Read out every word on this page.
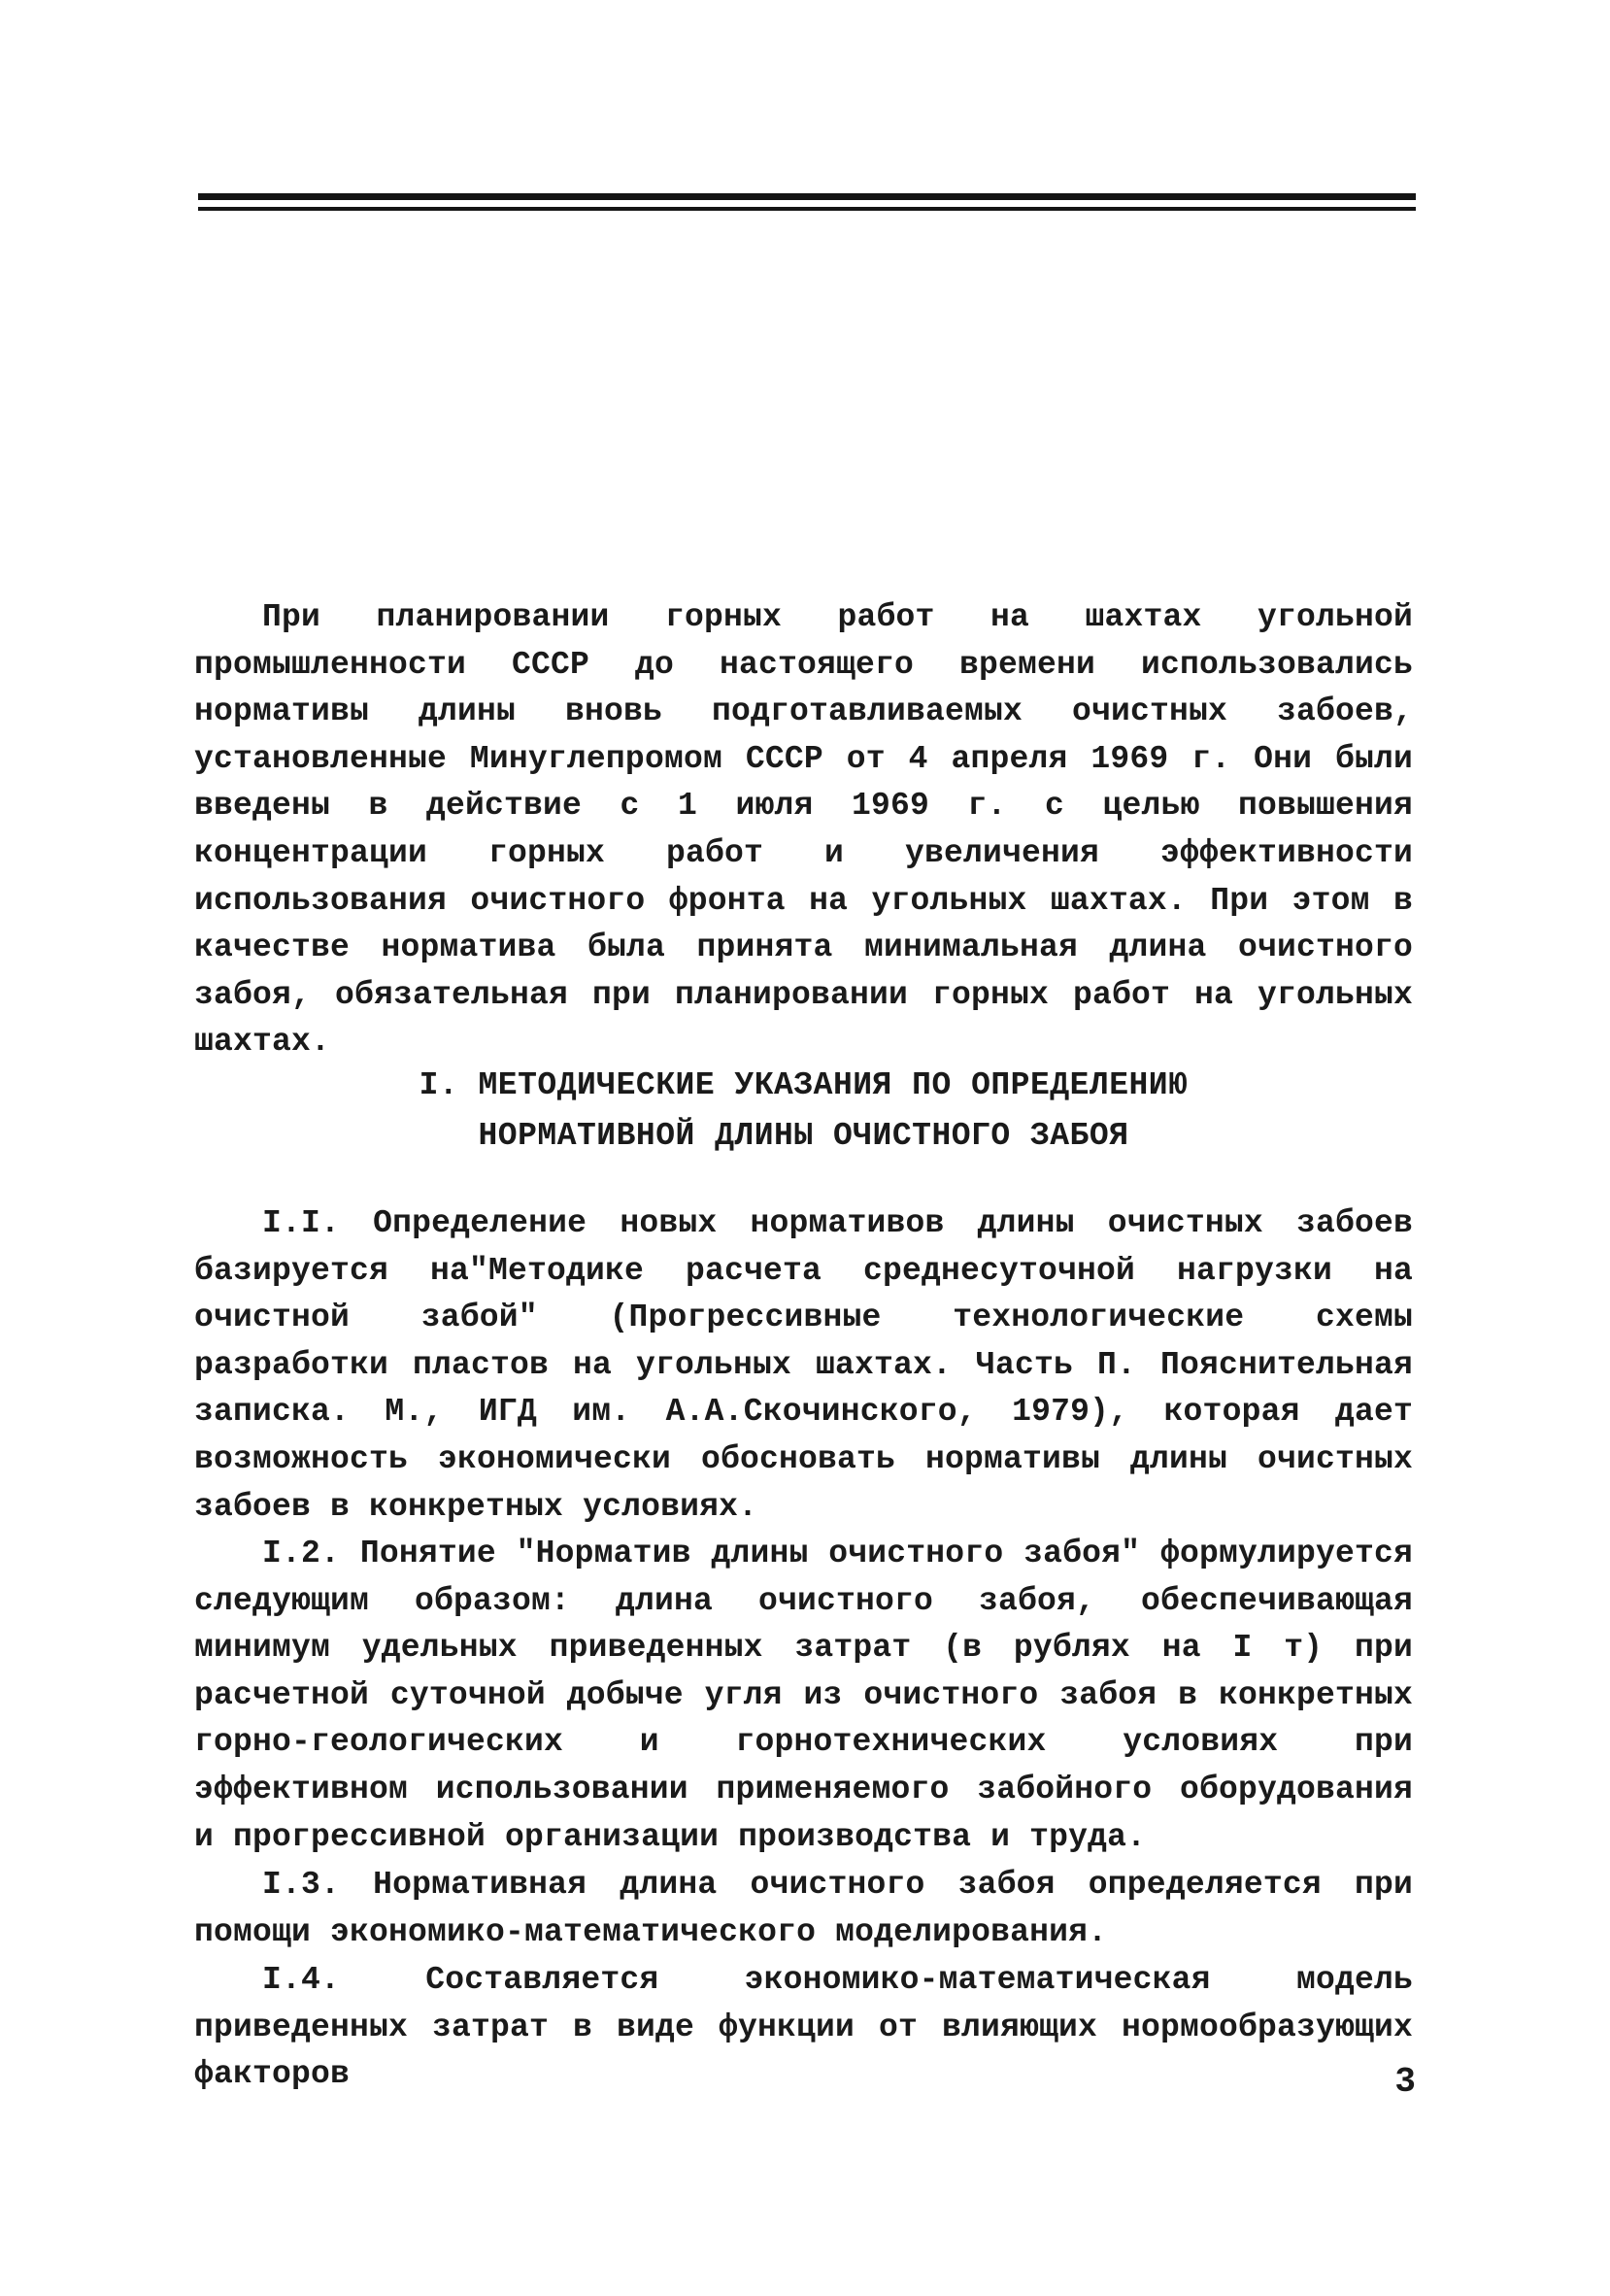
При планировании горных работ на шахтах угольной промышленности СССР до настоящего времени использовались нормативы длины вновь подготавливаемых очистных забоев, установленные Минуглепромом СССР от 4 апреля 1969 г. Они были введены в действие с 1 июля 1969 г. с целью повышения концентрации горных работ и увеличения эффективности использования очистного фронта на угольных шахтах. При этом в качестве норматива была принята минимальная длина очистного забоя, обязательная при планировании горных работ на угольных шахтах.

I. МЕТОДИЧЕСКИЕ УКАЗАНИЯ ПО ОПРЕДЕЛЕНИЮ
НОРМАТИВНОЙ ДЛИНЫ ОЧИСТНОГО ЗАБОЯ

I.I. Определение новых нормативов длины очистных забоев базируется на"Методике расчета среднесуточной нагрузки на очистной забой" (Прогрессивные технологические схемы разработки пластов на угольных шахтах. Часть П. Пояснительная записка. М., ИГД им. А.А.Скочинского, 1979), которая дает возможность экономически обосновать нормативы длины очистных забоев в конкретных условиях.

I.2. Понятие "Норматив длины очистного забоя" формулируется следующим образом: длина очистного забоя, обеспечивающая минимум удельных приведенных затрат (в рублях на I т) при расчетной суточной добыче угля из очистного забоя в конкретных горно-геологических и горнотехнических условиях при эффективном использовании применяемого забойного оборудования и прогрессивной организации производства и труда.

I.3. Нормативная длина очистного забоя определяется при помощи экономико-математического моделирования.

I.4. Составляется экономико-математическая модель приведенных затрат в виде функции от влияющих нормообразующих факторов	3
